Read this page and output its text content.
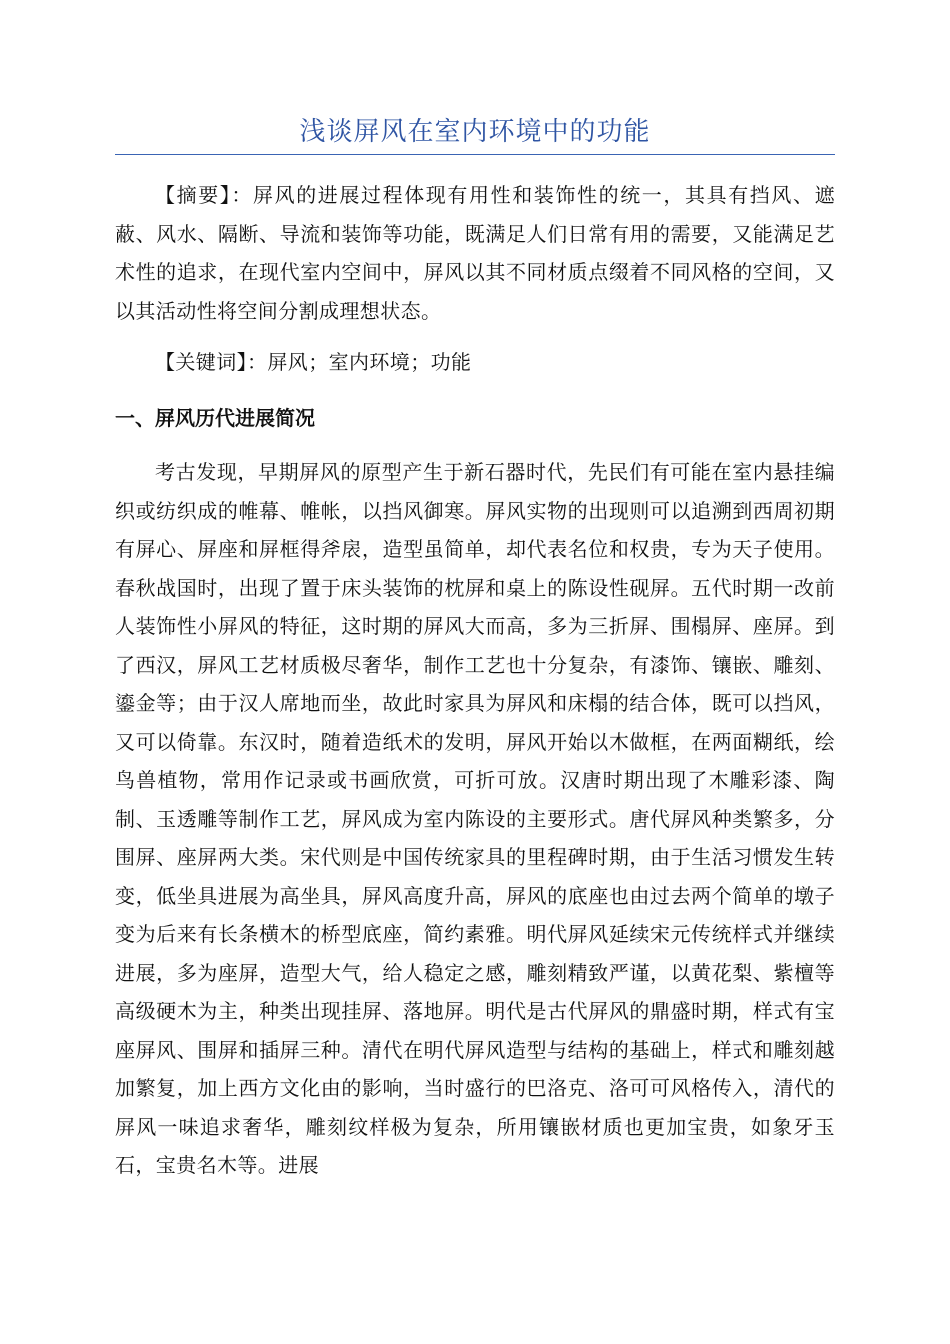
浅谈屏风在室内环境中的功能

【摘要】：屏风的进展过程体现有用性和装饰性的统一，其具有挡风、遮蔽、风水、隔断、导流和装饰等功能，既满足人们日常有用的需要，又能满足艺术性的追求，在现代室内空间中，屏风以其不同材质点缀着不同风格的空间，又以其活动性将空间分割成理想状态。

【关键词】：屏风；室内环境；功能

一、屏风历代进展简况

考古发现，早期屏风的原型产生于新石器时代，先民们有可能在室内悬挂编织或纺织成的帷幕、帷帐，以挡风御寒。屏风实物的出现则可以追溯到西周初期有屏心、屏座和屏框得斧扆，造型虽简单，却代表名位和权贵，专为天子使用。春秋战国时，出现了置于床头装饰的枕屏和桌上的陈设性砚屏。五代时期一改前人装饰性小屏风的特征，这时期的屏风大而高，多为三折屏、围榻屏、座屏。到了西汉，屏风工艺材质极尽奢华，制作工艺也十分复杂，有漆饰、镶嵌、雕刻、鎏金等；由于汉人席地而坐，故此时家具为屏风和床榻的结合体，既可以挡风，又可以倚靠。东汉时，随着造纸术的发明，屏风开始以木做框，在两面糊纸，绘鸟兽植物，常用作记录或书画欣赏，可折可放。汉唐时期出现了木雕彩漆、陶制、玉透雕等制作工艺，屏风成为室内陈设的主要形式。唐代屏风种类繁多，分围屏、座屏两大类。宋代则是中国传统家具的里程碑时期，由于生活习惯发生转变，低坐具进展为高坐具，屏风高度升高，屏风的底座也由过去两个简单的墩子变为后来有长条横木的桥型底座，简约素雅。明代屏风延续宋元传统样式并继续进展，多为座屏，造型大气，给人稳定之感，雕刻精致严谨，以黄花梨、紫檀等高级硬木为主，种类出现挂屏、落地屏。明代是古代屏风的鼎盛时期，样式有宝座屏风、围屏和插屏三种。清代在明代屏风造型与结构的基础上，样式和雕刻越加繁复，加上西方文化由的影响，当时盛行的巴洛克、洛可可风格传入，清代的屏风一味追求奢华，雕刻纹样极为复杂，所用镶嵌材质也更加宝贵，如象牙玉石，宝贵名木等。进展
